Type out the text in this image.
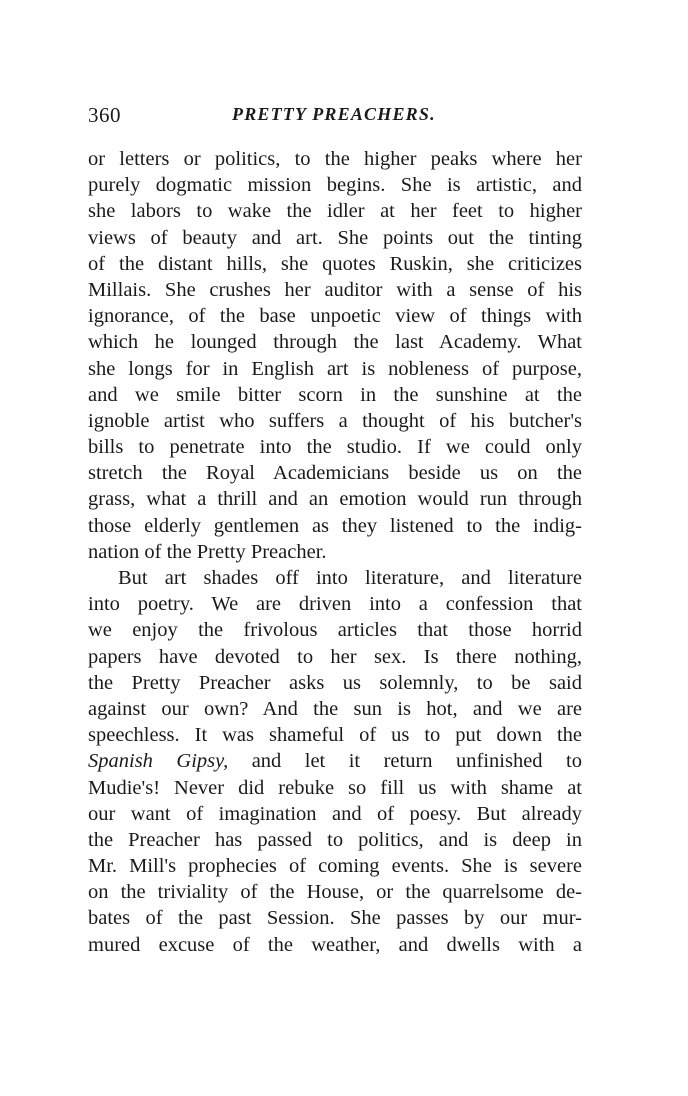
360	PRETTY PREACHERS.
or letters or politics, to the higher peaks where her
purely dogmatic mission begins. She is artistic, and
she labors to wake the idler at her feet to higher
views of beauty and art. She points out the tinting
of the distant hills, she quotes Ruskin, she criticizes
Millais. She crushes her auditor with a sense of his
ignorance, of the base unpoetic view of things with
which he lounged through the last Academy. What
she longs for in English art is nobleness of purpose,
and we smile bitter scorn in the sunshine at the
ignoble artist who suffers a thought of his butcher's
bills to penetrate into the studio. If we could only
stretch the Royal Academicians beside us on the
grass, what a thrill and an emotion would run through
those elderly gentlemen as they listened to the indig-
nation of the Pretty Preacher.
But art shades off into literature, and literature
into poetry. We are driven into a confession that
we enjoy the frivolous articles that those horrid
papers have devoted to her sex. Is there nothing,
the Pretty Preacher asks us solemnly, to be said
against our own? And the sun is hot, and we are
speechless. It was shameful of us to put down the
Spanish Gipsy, and let it return unfinished to
Mudie's! Never did rebuke so fill us with shame at
our want of imagination and of poesy. But already
the Preacher has passed to politics, and is deep in
Mr. Mill's prophecies of coming events. She is severe
on the triviality of the House, or the quarrelsome de-
bates of the past Session. She passes by our mur-
mured excuse of the weather, and dwells with a
